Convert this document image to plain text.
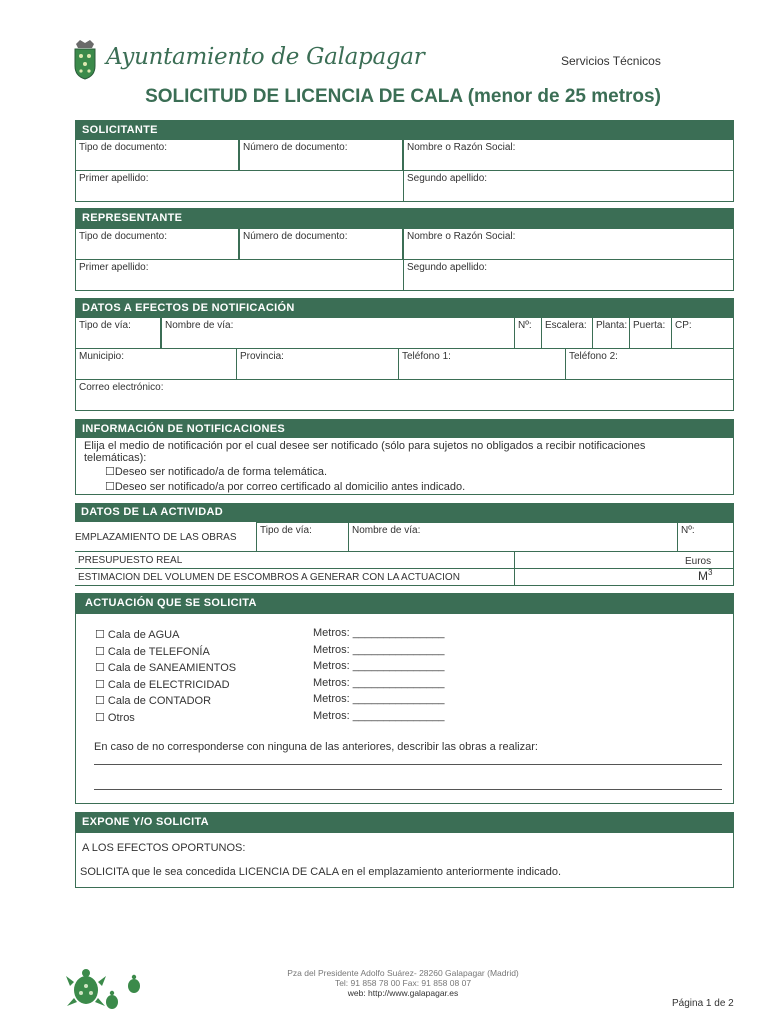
Ayuntamiento de Galapagar	Servicios Técnicos
SOLICITUD DE LICENCIA DE CALA (menor de 25 metros)
SOLICITANTE
Tipo de documento:	Número de documento:	Nombre o Razón Social:
Primer apellido:	Segundo apellido:
REPRESENTANTE
Tipo de documento:	Número de documento:	Nombre o Razón Social:
Primer apellido:	Segundo apellido:
DATOS A EFECTOS DE NOTIFICACIÓN
Tipo de vía:	Nombre de vía:	Nº:	Escalera: Planta: Puerta: CP:
Municipio:	Provincia:	Teléfono 1:	Teléfono 2:
Correo electrónico:
INFORMACIÓN DE NOTIFICACIONES
Elija el medio de notificación por el cual desee ser notificado (sólo para sujetos no obligados a recibir notificaciones
telemáticas):
☐Deseo ser notificado/a de forma telemática.
☐Deseo ser notificado/a por correo certificado al domicilio antes indicado.
DATOS DE LA ACTIVIDAD
EMPLAZAMIENTO DE LAS OBRAS
Tipo de vía:	Nombre de vía:	Nº:
PRESUPUESTO REAL	Euros
ESTIMACION DEL VOLUMEN DE ESCOMBROS A GENERAR CON LA ACTUACION	$M^3$
ACTUACIÓN QUE SE SOLICITA
☐ Cala de AGUA	Metros: _______________
☐ Cala de TELEFONÍA	Metros: _______________
☐ Cala de SANEAMIENTOS	Metros: _______________
☐ Cala de ELECTRICIDAD	Metros: _______________
☐ Cala de CONTADOR	Metros: _______________
☐ Otros	Metros: _______________
En caso de no corresponderse con ninguna de las anteriores, describir las obras a realizar:
EXPONE Y/O SOLICITA
A LOS EFECTOS OPORTUNOS:
SOLICITA que le sea concedida LICENCIA DE CALA en el emplazamiento anteriormente indicado.
Pza del Presidente Adolfo Suárez- 28260 Galapagar (Madrid)
Tel: 91 858 78 00 Fax: 91 858 08 07
web: http://www.galapagar.es
Página 1 de 2
